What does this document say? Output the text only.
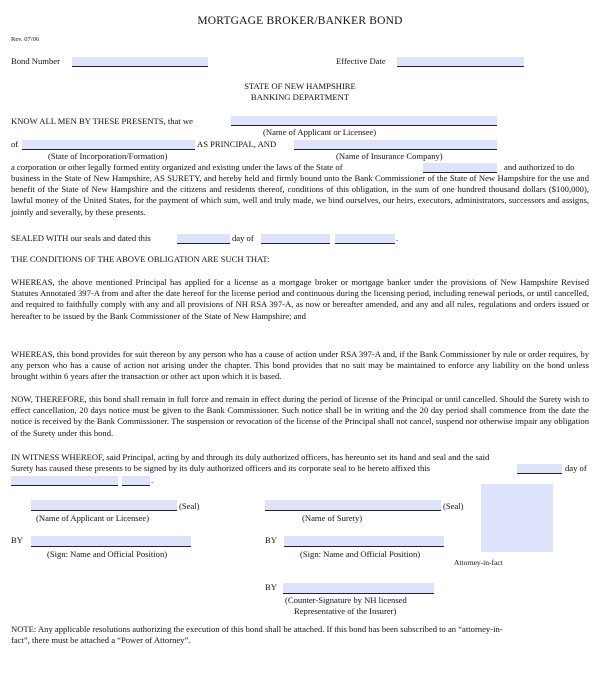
MORTGAGE BROKER/BANKER BOND
Rev. 07/06
Bond Number	Effective Date
STATE OF NEW HAMPSHIRE
BANKING DEPARTMENT
KNOW ALL MEN BY THESE PRESENTS, that we
(Name of Applicant or Licensee)
of	AS PRINCIPAL, AND
(State of Incorporation/Formation)	(Name of Insurance Company)
a corporation or other legally formed entity organized and existing under the laws of the State of	and authorized to do
business in the State of New Hampshire, AS SURETY, and hereby held and firmly bound unto the Bank Commissioner of the State of New Hampshire for the use and benefit of the State of New Hampshire and the citizens and residents thereof, conditions of this obligation, in the sum of one hundred thousand dollars ($100,000), lawful money of the United States, for the payment of which sum, well and truly made, we bind ourselves, our heirs, executors, administrators, successors and assigns, jointly and severally, by these presents.
SEALED WITH our seals and dated this	day of	.
THE CONDITIONS OF THE ABOVE OBLIGATION ARE SUCH THAT:
WHEREAS, the above mentioned Principal has applied for a license as a mortgage broker or mortgage banker under the provisions of New Hampshire Revised Statutes Annotated 397-A from and after the date hereof for the license period and continuous during the licensing period, including renewal periods, or until cancelled, and required to faithfully comply with any and all provisions of NH RSA 397-A, as now or hereafter amended, and any and all rules, regulations and orders issued or hereafter to be issued by the Bank Commissioner of the State of New Hampshire; and
WHEREAS, this bond provides for suit thereon by any person who has a cause of action under RSA 397-A and, if the Bank Commissioner by rule or order requires, by any person who has a cause of action not arising under the chapter. This bond provides that no suit may be maintained to enforce any liability on the bond unless brought within 6 years after the transaction or other act upon which it is based.
NOW, THEREFORE, this bond shall remain in full force and remain in effect during the period of license of the Principal or until cancelled. Should the Surety wish to effect cancellation, 20 days notice must be given to the Bank Commissioner. Such notice shall be in writing and the 20 day period shall commence from the date the notice is received by the Bank Commissioner. The suspension or revocation of the license of the Principal shall not cancel, suspend nor otherwise impair any obligation of the Surety under this bond.
IN WITNESS WHEREOF, said Principal, acting by and through its duly authorized officers, has hereunto set its hand and seal and the said
Surety has caused these presents to be signed by its duly authorized officers and its corporate seal to be hereto affixed this	day of
.
(Seal)
(Name of Applicant or Licensee)
(Seal)
(Name of Surety)
BY
(Sign: Name and Official Position)
BY
(Sign: Name and Official Position)
Attorney-in-fact
BY
(Counter-Signature by NH licensed
Representative of the Insurer)
NOTE: Any applicable resolutions authorizing the execution of this bond shall be attached. If this bond has been subscribed to an “attorney-in-
fact”, there must be attached a “Power of Attorney”.
